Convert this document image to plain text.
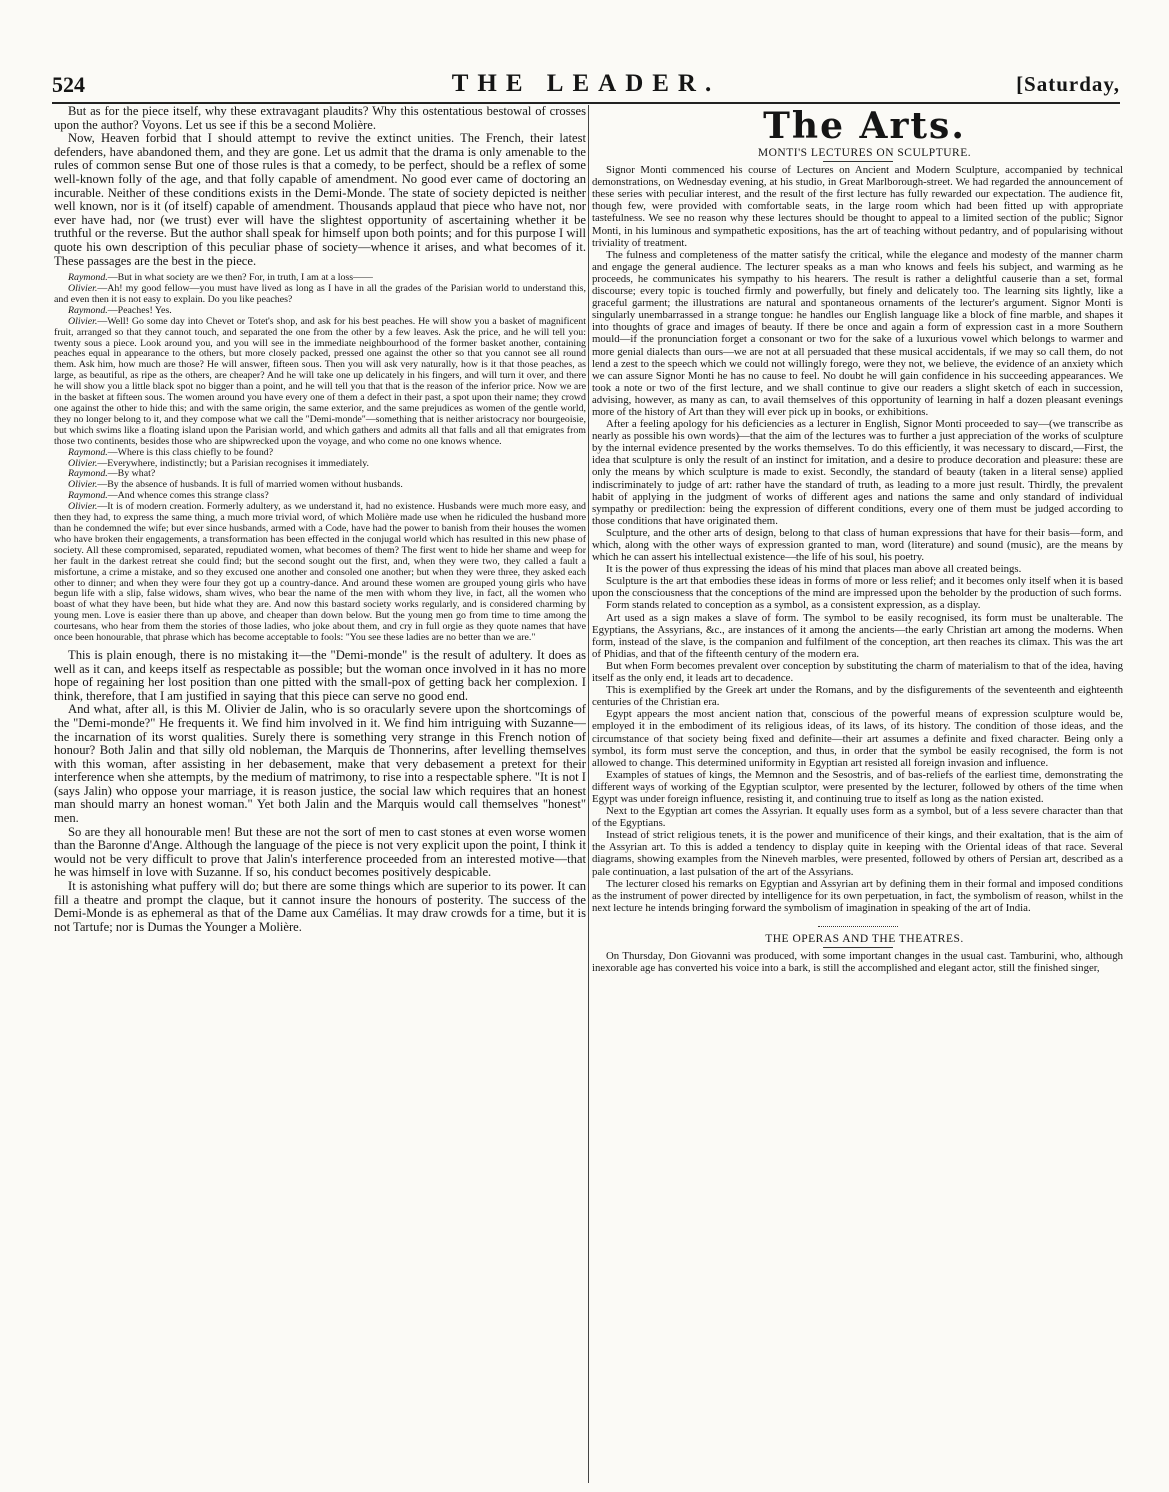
524	THE LEADER.	[Saturday,

But as for the piece itself, why these extravagant plaudits? Why this ostentatious bestowal of crosses upon the author? Voyons. Let us see if this be a second Molière.

Now, Heaven forbid that I should attempt to revive the extinct unities. The French, their latest defenders, have abandoned them, and they are gone. Let us admit that the drama is only amenable to the rules of common sense But one of those rules is that a comedy, to be perfect, should be a reflex of some well-known folly of the age, and that folly capable of amendment. No good ever came of doctoring an incurable. Neither of these conditions exists in the Demi-Monde. The state of society depicted is neither well known, nor is it (of itself) capable of amendment. Thousands applaud that piece who have not, nor ever have had, nor (we trust) ever will have the slightest opportunity of ascertaining whether it be truthful or the reverse. But the author shall speak for himself upon both points; and for this purpose I will quote his own description of this peculiar phase of society—whence it arises, and what becomes of it. These passages are the best in the piece.

Raymond.—But in what society are we then? For, in truth, I am at a loss——

Olivier.—Ah! my good fellow—you must have lived as long as I have in all the grades of the Parisian world to understand this, and even then it is not easy to explain. Do you like peaches?

Raymond.—Peaches! Yes.

Olivier.—Well! Go some day into Chevet or Totet's shop, and ask for his best peaches. He will show you a basket of magnificent fruit, arranged so that they cannot touch, and separated the one from the other by a few leaves. Ask the price, and he will tell you: twenty sous a piece. Look around you, and you will see in the immediate neighbourhood of the former basket another, containing peaches equal in appearance to the others, but more closely packed, pressed one against the other so that you cannot see all round them. Ask him, how much are those? He will answer, fifteen sous. Then you will ask very naturally, how is it that those peaches, as large, as beautiful, as ripe as the others, are cheaper? And he will take one up delicately in his fingers, and will turn it over, and there he will show you a little black spot no bigger than a point, and he will tell you that that is the reason of the inferior price. Now we are in the basket at fifteen sous. The women around you have every one of them a defect in their past, a spot upon their name; they crowd one against the other to hide this; and with the same origin, the same exterior, and the same prejudices as women of the gentle world, they no longer belong to it, and they compose what we call the "Demi-monde"—something that is neither aristocracy nor bourgeoisie, but which swims like a floating island upon the Parisian world, and which gathers and admits all that falls and all that emigrates from those two continents, besides those who are shipwrecked upon the voyage, and who come no one knows whence.

Raymond.—Where is this class chiefly to be found?

Olivier.—Everywhere, indistinctly; but a Parisian recognises it immediately.

Raymond.—By what?

Olivier.—By the absence of husbands. It is full of married women without husbands.

Raymond.—And whence comes this strange class?

Olivier.—It is of modern creation. Formerly adultery, as we understand it, had no existence. Husbands were much more easy, and then they had, to express the same thing, a much more trivial word, of which Molière made use when he ridiculed the husband more than he condemned the wife; but ever since husbands, armed with a Code, have had the power to banish from their houses the women who have broken their engagements, a transformation has been effected in the conjugal world which has resulted in this new phase of society. All these compromised, separated, repudiated women, what becomes of them? The first went to hide her shame and weep for her fault in the darkest retreat she could find; but the second sought out the first, and, when they were two, they called a fault a misfortune, a crime a mistake, and so they excused one another and consoled one another; but when they were three, they asked each other to dinner; and when they were four they got up a country-dance. And around these women are grouped young girls who have begun life with a slip, false widows, sham wives, who bear the name of the men with whom they live, in fact, all the women who boast of what they have been, but hide what they are. And now this bastard society works regularly, and is considered charming by young men. Love is easier there than up above, and cheaper than down below. But the young men go from time to time among the courtesans, who hear from them the stories of those ladies, who joke about them, and cry in full orgie as they quote names that have once been honourable, that phrase which has become acceptable to fools: "You see these ladies are no better than we are."

This is plain enough, there is no mistaking it—the "Demi-monde" is the result of adultery. It does as well as it can, and keeps itself as respectable as possible; but the woman once involved in it has no more hope of regaining her lost position than one pitted with the small-pox of getting back her complexion. I think, therefore, that I am justified in saying that this piece can serve no good end.

And what, after all, is this M. Olivier de Jalin, who is so oracularly severe upon the shortcomings of the "Demi-monde?" He frequents it. We find him involved in it. We find him intriguing with Suzanne—the incarnation of its worst qualities. Surely there is something very strange in this French notion of honour? Both Jalin and that silly old nobleman, the Marquis de Thonnerins, after levelling themselves with this woman, after assisting in her debasement, make that very debasement a pretext for their interference when she attempts, by the medium of matrimony, to rise into a respectable sphere. "It is not I (says Jalin) who oppose your marriage, it is reason justice, the social law which requires that an honest man should marry an honest woman." Yet both Jalin and the Marquis would call themselves "honest" men.

So are they all honourable men! But these are not the sort of men to cast stones at even worse women than the Baronne d'Ange. Although the language of the piece is not very explicit upon the point, I think it would not be very difficult to prove that Jalin's interference proceeded from an interested motive—that he was himself in love with Suzanne. If so, his conduct becomes positively despicable.

It is astonishing what puffery will do; but there are some things which are superior to its power. It can fill a theatre and prompt the claque, but it cannot insure the honours of posterity. The success of the Demi-Monde is as ephemeral as that of the Dame aux Camélias. It may draw crowds for a time, but it is not Tartufe; nor is Dumas the Younger a Molière.

The Arts.

MONTI'S LECTURES ON SCULPTURE.

Signor Monti commenced his course of Lectures on Ancient and Modern Sculpture, accompanied by technical demonstrations, on Wednesday evening, at his studio, in Great Marlborough-street. We had regarded the announcement of these series with peculiar interest, and the result of the first lecture has fully rewarded our expectation. The audience fit, though few, were provided with comfortable seats, in the large room which had been fitted up with appropriate tastefulness. We see no reason why these lectures should be thought to appeal to a limited section of the public; Signor Monti, in his luminous and sympathetic expositions, has the art of teaching without pedantry, and of popularising without triviality of treatment.

The fulness and completeness of the matter satisfy the critical, while the elegance and modesty of the manner charm and engage the general audience. The lecturer speaks as a man who knows and feels his subject, and warming as he proceeds, he communicates his sympathy to his hearers. The result is rather a delightful causerie than a set, formal discourse; every topic is touched firmly and powerfully, but finely and delicately too. The learning sits lightly, like a graceful garment; the illustrations are natural and spontaneous ornaments of the lecturer's argument. Signor Monti is singularly unembarrassed in a strange tongue: he handles our English language like a block of fine marble, and shapes it into thoughts of grace and images of beauty. If there be once and again a form of expression cast in a more Southern mould—if the pronunciation forget a consonant or two for the sake of a luxurious vowel which belongs to warmer and more genial dialects than ours—we are not at all persuaded that these musical accidentals, if we may so call them, do not lend a zest to the speech which we could not willingly forego, were they not, we believe, the evidence of an anxiety which we can assure Signor Monti he has no cause to feel. No doubt he will gain confidence in his succeeding appearances. We took a note or two of the first lecture, and we shall continue to give our readers a slight sketch of each in succession, advising, however, as many as can, to avail themselves of this opportunity of learning in half a dozen pleasant evenings more of the history of Art than they will ever pick up in books, or exhibitions.

After a feeling apology for his deficiencies as a lecturer in English, Signor Monti proceeded to say—(we transcribe as nearly as possible his own words)—that the aim of the lectures was to further a just appreciation of the works of sculpture by the internal evidence presented by the works themselves. To do this efficiently, it was necessary to discard,—First, the idea that sculpture is only the result of an instinct for imitation, and a desire to produce decoration and pleasure: these are only the means by which sculpture is made to exist. Secondly, the standard of beauty (taken in a literal sense) applied indiscriminately to judge of art: rather have the standard of truth, as leading to a more just result. Thirdly, the prevalent habit of applying in the judgment of works of different ages and nations the same and only standard of individual sympathy or predilection: being the expression of different conditions, every one of them must be judged according to those conditions that have originated them.

Sculpture, and the other arts of design, belong to that class of human expressions that have for their basis—form, and which, along with the other ways of expression granted to man, word (literature) and sound (music), are the means by which he can assert his intellectual existence—the life of his soul, his poetry.

It is the power of thus expressing the ideas of his mind that places man above all created beings.

Sculpture is the art that embodies these ideas in forms of more or less relief; and it becomes only itself when it is based upon the consciousness that the conceptions of the mind are impressed upon the beholder by the production of such forms.

Form stands related to conception as a symbol, as a consistent expression, as a display.

Art used as a sign makes a slave of form. The symbol to be easily recognised, its form must be unalterable. The Egyptians, the Assyrians, &c., are instances of it among the ancients—the early Christian art among the moderns. When form, instead of the slave, is the companion and fulfilment of the conception, art then reaches its climax. This was the art of Phidias, and that of the fifteenth century of the modern era.

But when Form becomes prevalent over conception by substituting the charm of materialism to that of the idea, having itself as the only end, it leads art to decadence.

This is exemplified by the Greek art under the Romans, and by the disfigurements of the seventeenth and eighteenth centuries of the Christian era.

Egypt appears the most ancient nation that, conscious of the powerful means of expression sculpture would be, employed it in the embodiment of its religious ideas, of its laws, of its history. The condition of those ideas, and the circumstance of that society being fixed and definite—their art assumes a definite and fixed character. Being only a symbol, its form must serve the conception, and thus, in order that the symbol be easily recognised, the form is not allowed to change. This determined uniformity in Egyptian art resisted all foreign invasion and influence.

Examples of statues of kings, the Memnon and the Sesostris, and of bas-reliefs of the earliest time, demonstrating the different ways of working of the Egyptian sculptor, were presented by the lecturer, followed by others of the time when Egypt was under foreign influence, resisting it, and continuing true to itself as long as the nation existed.

Next to the Egyptian art comes the Assyrian. It equally uses form as a symbol, but of a less severe character than that of the Egyptians.

Instead of strict religious tenets, it is the power and munificence of their kings, and their exaltation, that is the aim of the Assyrian art. To this is added a tendency to display quite in keeping with the Oriental ideas of that race. Several diagrams, showing examples from the Nineveh marbles, were presented, followed by others of Persian art, described as a pale continuation, a last pulsation of the art of the Assyrians.

The lecturer closed his remarks on Egyptian and Assyrian art by defining them in their formal and imposed conditions as the instrument of power directed by intelligence for its own perpetuation, in fact, the symbolism of reason, whilst in the next lecture he intends bringing forward the symbolism of imagination in speaking of the art of India.

THE OPERAS AND THE THEATRES.

On Thursday, Don Giovanni was produced, with some important changes in the usual cast. Tamburini, who, although inexorable age has converted his voice into a bark, is still the accomplished and elegant actor, still the finished singer,
